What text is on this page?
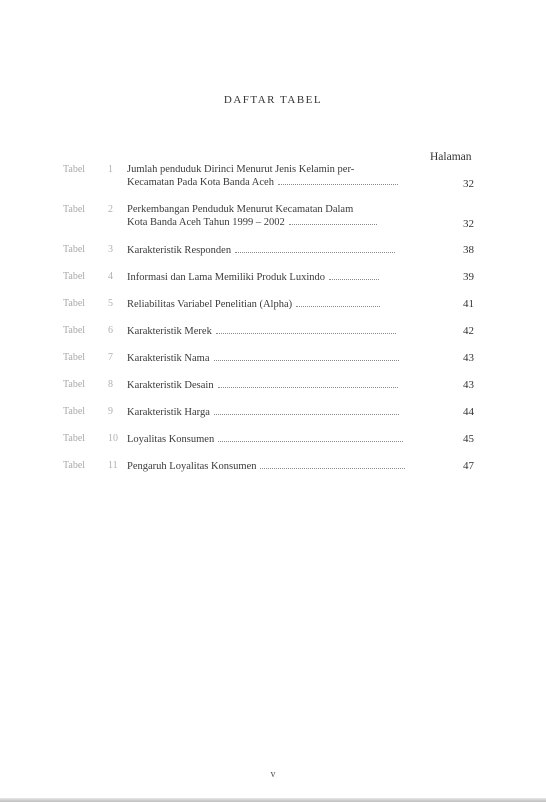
DAFTAR TABEL
Halaman
Tabel 1 Jumlah penduduk Dirinci Menurut Jenis Kelamin per-
Kecamatan Pada Kota Banda Aceh	32
Tabel 2 Perkembangan Penduduk Menurut Kecamatan Dalam
Kota Banda Aceh Tahun 1999 – 2002	32
Tabel 3 Karakteristik Responden	38
Tabel 4 Informasi dan Lama Memiliki Produk Luxindo	39
Tabel 5 Reliabilitas Variabel Penelitian (Alpha)	41
Tabel 6 Karakteristik Merek	42
Tabel 7 Karakteristik Nama	43
Tabel 8 Karakteristik Desain	43
Tabel 9 Karakteristik Harga	44
Tabel 10 Loyalitas Konsumen	45
Tabel 11 Pengaruh Loyalitas Konsumen	47
v
